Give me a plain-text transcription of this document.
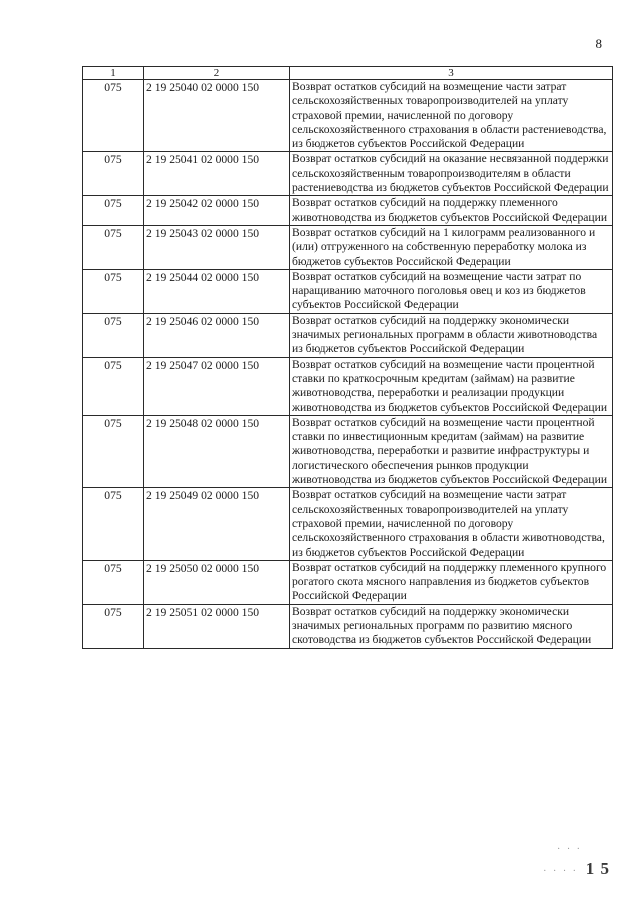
8
1	2	3
075	2 19 25040 02 0000 150	Возврат остатков субсидий на возмещение части затрат сельскохозяйственных товаропроизводителей на уплату страховой премии, начисленной по договору сельскохозяйственного страхования в области растениеводства, из бюджетов субъектов Российской Федерации
075	2 19 25041 02 0000 150	Возврат остатков субсидий на оказание несвязанной поддержки сельскохозяйственным товаропроизводителям в области растениеводства из бюджетов субъектов Российской Федерации
075	2 19 25042 02 0000 150	Возврат остатков субсидий на поддержку племенного животноводства из бюджетов субъектов Российской Федерации
075	2 19 25043 02 0000 150	Возврат остатков субсидий на 1 килограмм реализованного и (или) отгруженного на собственную переработку молока из бюджетов субъектов Российской Федерации
075	2 19 25044 02 0000 150	Возврат остатков субсидий на возмещение части затрат по наращиванию маточного поголовья овец и коз из бюджетов субъектов Российской Федерации
075	2 19 25046 02 0000 150	Возврат остатков субсидий на поддержку экономически значимых региональных программ в области животноводства из бюджетов субъектов Российской Федерации
075	2 19 25047 02 0000 150	Возврат остатков субсидий на возмещение части процентной ставки по краткосрочным кредитам (займам) на развитие животноводства, переработки и реализации продукции животноводства из бюджетов субъектов Российской Федерации
075	2 19 25048 02 0000 150	Возврат остатков субсидий на возмещение части процентной ставки по инвестиционным кредитам (займам) на развитие животноводства, переработки и развитие инфраструктуры и логистического обеспечения рынков продукции животноводства из бюджетов субъектов Российской Федерации
075	2 19 25049 02 0000 150	Возврат остатков субсидий на возмещение части затрат сельскохозяйственных товаропроизводителей на уплату страховой премии, начисленной по договору сельскохозяйственного страхования в области животноводства, из бюджетов субъектов Российской Федерации
075	2 19 25050 02 0000 150	Возврат остатков субсидий на поддержку племенного крупного рогатого скота мясного направления из бюджетов субъектов Российской Федерации
075	2 19 25051 02 0000 150	Возврат остатков субсидий на поддержку экономически значимых региональных программ по развитию мясного скотоводства из бюджетов субъектов Российской Федерации
· · ·
· · · · 1 5
